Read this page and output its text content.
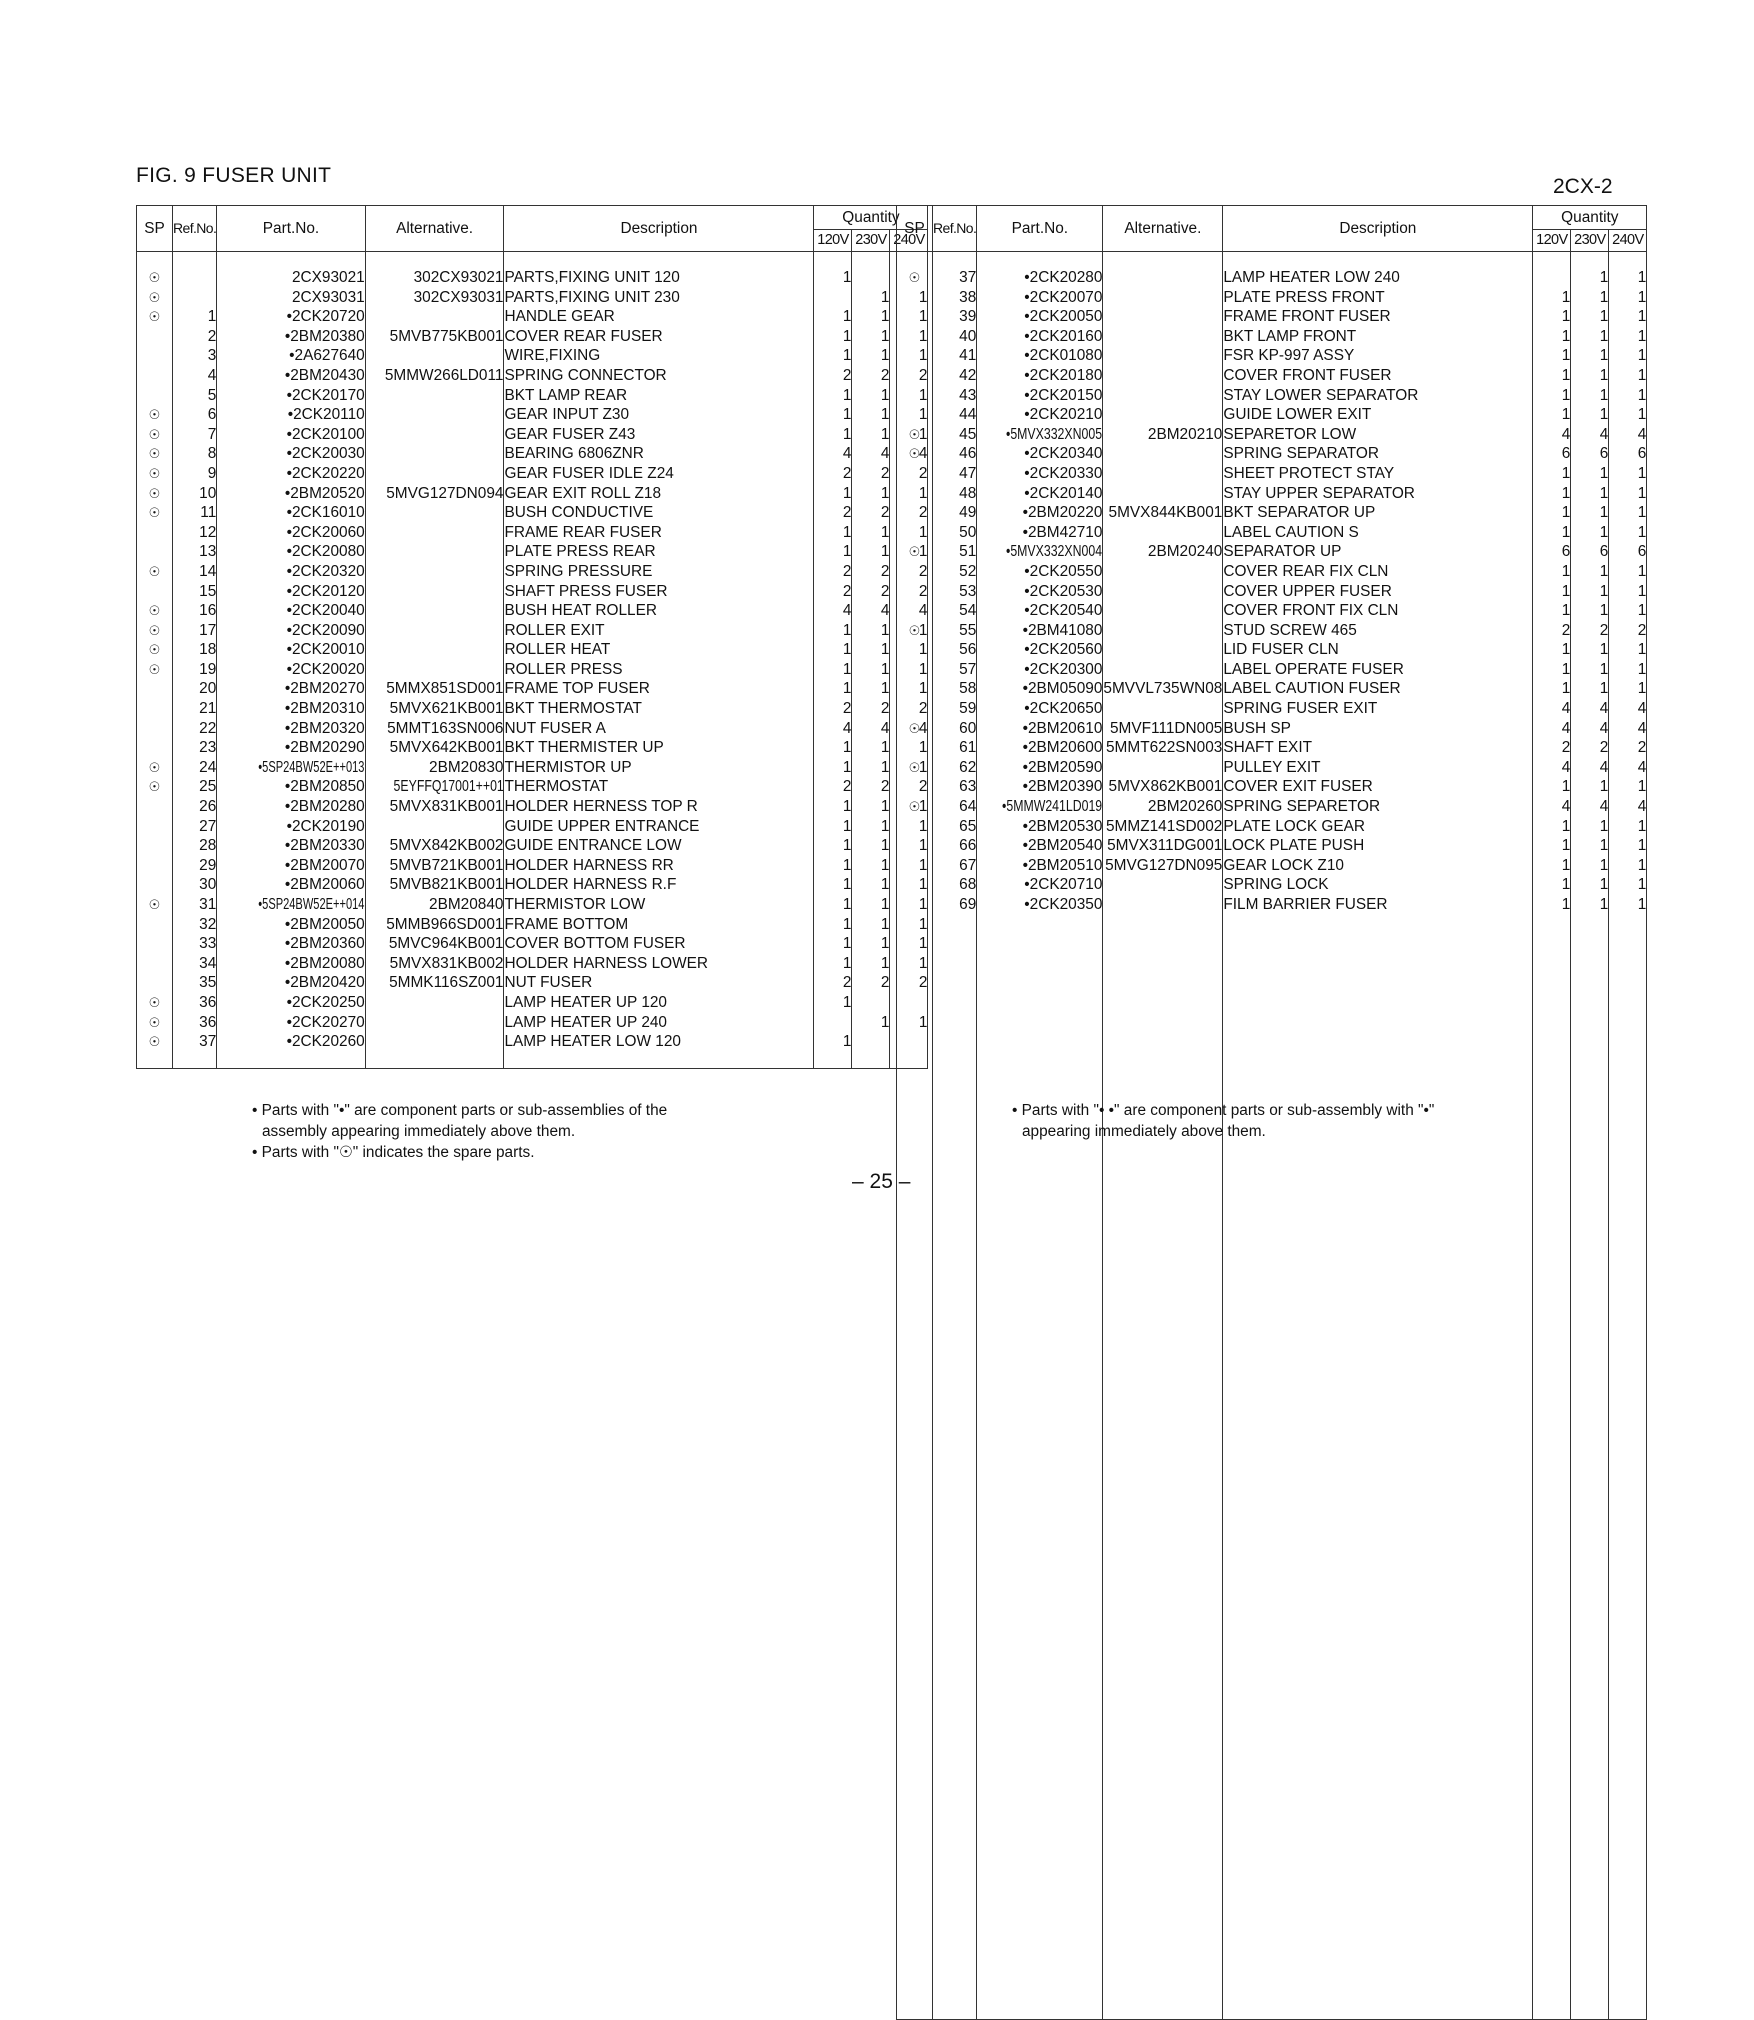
FIG. 9 FUSER UNIT	2CX-2
SP	Ref.No.	Part.No.	Alternative.	Description	Quantity		
					120V	230V	240V

☉		2CX93021	302CX93021	PARTS,FIXING UNIT 120	1		
☉		2CX93031	302CX93031	PARTS,FIXING UNIT 230		1	1
☉	1	•2CK20720		HANDLE GEAR	1	1	1
	2	•2BM20380	5MVB775KB001	COVER REAR FUSER	1	1	1
	3	•2A627640		WIRE,FIXING	1	1	1
	4	•2BM20430	5MMW266LD011	SPRING CONNECTOR	2	2	2
	5	•2CK20170		BKT LAMP REAR	1	1	1
☉	6	•2CK20110		GEAR INPUT Z30	1	1	1
☉	7	•2CK20100		GEAR FUSER Z43	1	1	1
☉	8	•2CK20030		BEARING 6806ZNR	4	4	4
☉	9	•2CK20220		GEAR FUSER IDLE Z24	2	2	2
☉	10	•2BM20520	5MVG127DN094	GEAR EXIT ROLL Z18	1	1	1
☉	11	•2CK16010		BUSH CONDUCTIVE	2	2	2
	12	•2CK20060		FRAME REAR FUSER	1	1	1
	13	•2CK20080		PLATE PRESS REAR	1	1	1
☉	14	•2CK20320		SPRING PRESSURE	2	2	2
	15	•2CK20120		SHAFT PRESS FUSER	2	2	2
☉	16	•2CK20040		BUSH HEAT ROLLER	4	4	4
☉	17	•2CK20090		ROLLER EXIT	1	1	1
☉	18	•2CK20010		ROLLER HEAT	1	1	1
☉	19	•2CK20020		ROLLER PRESS	1	1	1
	20	•2BM20270	5MMX851SD001	FRAME TOP FUSER	1	1	1
	21	•2BM20310	5MVX621KB001	BKT THERMOSTAT	2	2	2
	22	•2BM20320	5MMT163SN006	NUT FUSER A	4	4	4
	23	•2BM20290	5MVX642KB001	BKT THERMISTER UP	1	1	1
☉	24	•5SP24BW52E++013	2BM20830	THERMISTOR UP	1	1	1
☉	25	•2BM20850	5EYFFQ17001++01	THERMOSTAT	2	2	2
	26	•2BM20280	5MVX831KB001	HOLDER HERNESS TOP R	1	1	1
	27	•2CK20190		GUIDE UPPER ENTRANCE	1	1	1
	28	•2BM20330	5MVX842KB002	GUIDE ENTRANCE LOW	1	1	1
	29	•2BM20070	5MVB721KB001	HOLDER HARNESS RR	1	1	1
	30	•2BM20060	5MVB821KB001	HOLDER HARNESS R.F	1	1	1
☉	31	•5SP24BW52E++014	2BM20840	THERMISTOR LOW	1	1	1
	32	•2BM20050	5MMB966SD001	FRAME BOTTOM	1	1	1
	33	•2BM20360	5MVC964KB001	COVER BOTTOM FUSER	1	1	1
	34	•2BM20080	5MVX831KB002	HOLDER HARNESS LOWER	1	1	1
	35	•2BM20420	5MMK116SZ001	NUT FUSER	2	2	2
☉	36	•2CK20250		LAMP HEATER UP 120	1		
☉	36	•2CK20270		LAMP HEATER UP 240		1	1
☉	37	•2CK20260		LAMP HEATER LOW 120	1		

SP	Ref.No.	Part.No.	Alternative.	Description	Quantity		
					120V	230V	240V

☉	37	•2CK20280		LAMP HEATER LOW 240		1	1
	38	•2CK20070		PLATE PRESS FRONT	1	1	1
	39	•2CK20050		FRAME FRONT FUSER	1	1	1
	40	•2CK20160		BKT LAMP FRONT	1	1	1
	41	•2CK01080		FSR KP-997 ASSY	1	1	1
	42	•2CK20180		COVER FRONT FUSER	1	1	1
	43	•2CK20150		STAY LOWER SEPARATOR	1	1	1
	44	•2CK20210		GUIDE LOWER EXIT	1	1	1
☉	45	•5MVX332XN005	2BM20210	SEPARETOR LOW	4	4	4
☉	46	•2CK20340		SPRING SEPARATOR	6	6	6
	47	•2CK20330		SHEET PROTECT STAY	1	1	1
	48	•2CK20140		STAY UPPER SEPARATOR	1	1	1
	49	•2BM20220	5MVX844KB001	BKT SEPARATOR UP	1	1	1
	50	•2BM42710		LABEL CAUTION S	1	1	1
☉	51	•5MVX332XN004	2BM20240	SEPARATOR UP	6	6	6
	52	•2CK20550		COVER REAR FIX CLN	1	1	1
	53	•2CK20530		COVER UPPER FUSER	1	1	1
	54	•2CK20540		COVER FRONT FIX CLN	1	1	1
☉	55	•2BM41080		STUD SCREW 465	2	2	2
	56	•2CK20560		LID FUSER CLN	1	1	1
	57	•2CK20300		LABEL OPERATE FUSER	1	1	1
	58	•2BM05090	5MVVL735WN08	LABEL CAUTION FUSER	1	1	1
	59	•2CK20650		SPRING FUSER EXIT	4	4	4
☉	60	•2BM20610	5MVF111DN005	BUSH SP	4	4	4
	61	•2BM20600	5MMT622SN003	SHAFT EXIT	2	2	2
☉	62	•2BM20590		PULLEY EXIT	4	4	4
	63	•2BM20390	5MVX862KB001	COVER EXIT FUSER	1	1	1
☉	64	•5MMW241LD019	2BM20260	SPRING SEPARETOR	4	4	4
	65	•2BM20530	5MMZ141SD002	PLATE LOCK GEAR	1	1	1
	66	•2BM20540	5MVX311DG001	LOCK PLATE PUSH	1	1	1
	67	•2BM20510	5MVG127DN095	GEAR LOCK Z10	1	1	1
	68	•2CK20710		SPRING LOCK	1	1	1
	69	•2CK20350		FILM BARRIER FUSER	1	1	1

• Parts with "•" are component parts or sub-assemblies of the
assembly appearing immediately above them.
• Parts with "☉" indicates the spare parts.
• Parts with "• •" are component parts or sub-assembly with "•"
appearing immediately above them.
– 25 –
